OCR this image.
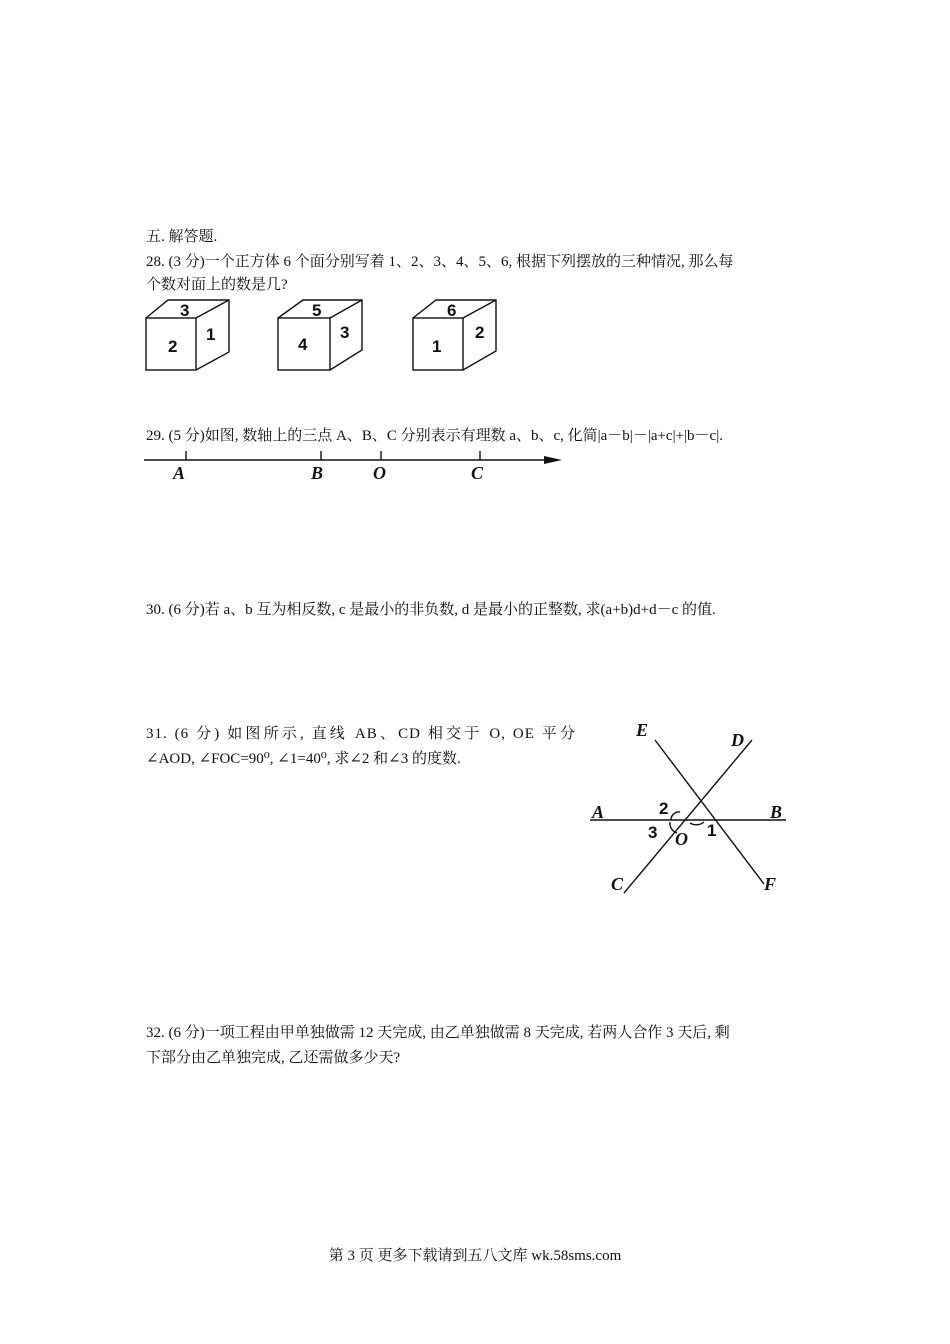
五. 解答题.
28. (3 分)一个正方体 6 个面分别写着 1、2、3、4、5、6, 根据下列摆放的三种情况, 那么每
个数对面上的数是几?
3
2
1
5
4
3
6
1
2
29. (5 分)如图, 数轴上的三点 A、B、C 分别表示有理数 a、b、c, 化简|a－b|－|a+c|+|b－c|.
A	B	O	C
30. (6 分)若 a、b 互为相反数, c 是最小的非负数, d 是最小的正整数, 求(a+b)d+d－c 的值.
31. (6 分) 如图所示, 直线 AB、CD 相交于 O, OE 平分
∠AOD, ∠FOC=90⁰, ∠1=40⁰, 求∠2 和∠3 的度数.
E	D
A	B
O
C	F
1
2
3
32. (6 分)一项工程由甲单独做需 12 天完成, 由乙单独做需 8 天完成, 若两人合作 3 天后, 剩
下部分由乙单独完成, 乙还需做多少天?
第 3 页 更多下载请到五八文库 wk.58sms.com
